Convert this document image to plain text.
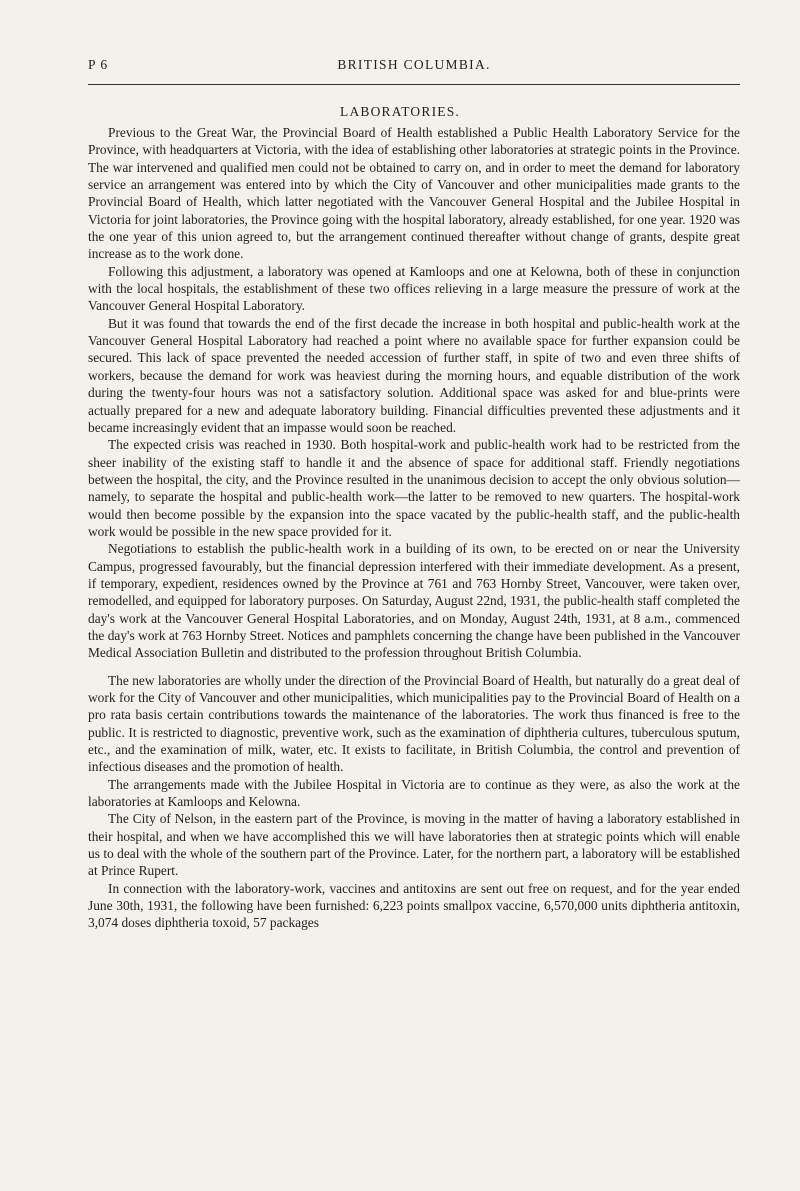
P 6	BRITISH COLUMBIA.
LABORATORIES.

Previous to the Great War, the Provincial Board of Health established a Public Health Laboratory Service for the Province, with headquarters at Victoria, with the idea of establishing other laboratories at strategic points in the Province. The war intervened and qualified men could not be obtained to carry on, and in order to meet the demand for laboratory service an arrangement was entered into by which the City of Vancouver and other municipalities made grants to the Provincial Board of Health, which latter negotiated with the Vancouver General Hospital and the Jubilee Hospital in Victoria for joint laboratories, the Province going with the hospital laboratory, already established, for one year. 1920 was the one year of this union agreed to, but the arrangement continued thereafter without change of grants, despite great increase as to the work done.

Following this adjustment, a laboratory was opened at Kamloops and one at Kelowna, both of these in conjunction with the local hospitals, the establishment of these two offices relieving in a large measure the pressure of work at the Vancouver General Hospital Laboratory.

But it was found that towards the end of the first decade the increase in both hospital and public-health work at the Vancouver General Hospital Laboratory had reached a point where no available space for further expansion could be secured. This lack of space prevented the needed accession of further staff, in spite of two and even three shifts of workers, because the demand for work was heaviest during the morning hours, and equable distribution of the work during the twenty-four hours was not a satisfactory solution. Additional space was asked for and blue-prints were actually prepared for a new and adequate laboratory building. Financial difficulties prevented these adjustments and it became increasingly evident that an impasse would soon be reached.

The expected crisis was reached in 1930. Both hospital-work and public-health work had to be restricted from the sheer inability of the existing staff to handle it and the absence of space for additional staff. Friendly negotiations between the hospital, the city, and the Province resulted in the unanimous decision to accept the only obvious solution—namely, to separate the hospital and public-health work—the latter to be removed to new quarters. The hospital-work would then become possible by the expansion into the space vacated by the public-health staff, and the public-health work would be possible in the new space provided for it.

Negotiations to establish the public-health work in a building of its own, to be erected on or near the University Campus, progressed favourably, but the financial depression interfered with their immediate development. As a present, if temporary, expedient, residences owned by the Province at 761 and 763 Hornby Street, Vancouver, were taken over, remodelled, and equipped for laboratory purposes. On Saturday, August 22nd, 1931, the public-health staff completed the day's work at the Vancouver General Hospital Laboratories, and on Monday, August 24th, 1931, at 8 a.m., commenced the day's work at 763 Hornby Street. Notices and pamphlets concerning the change have been published in the Vancouver Medical Association Bulletin and distributed to the profession throughout British Columbia.

The new laboratories are wholly under the direction of the Provincial Board of Health, but naturally do a great deal of work for the City of Vancouver and other municipalities, which municipalities pay to the Provincial Board of Health on a pro rata basis certain contributions towards the maintenance of the laboratories. The work thus financed is free to the public. It is restricted to diagnostic, preventive work, such as the examination of diphtheria cultures, tuberculous sputum, etc., and the examination of milk, water, etc. It exists to facilitate, in British Columbia, the control and prevention of infectious diseases and the promotion of health.

The arrangements made with the Jubilee Hospital in Victoria are to continue as they were, as also the work at the laboratories at Kamloops and Kelowna.

The City of Nelson, in the eastern part of the Province, is moving in the matter of having a laboratory established in their hospital, and when we have accomplished this we will have laboratories then at strategic points which will enable us to deal with the whole of the southern part of the Province. Later, for the northern part, a laboratory will be established at Prince Rupert.

In connection with the laboratory-work, vaccines and antitoxins are sent out free on request, and for the year ended June 30th, 1931, the following have been furnished: 6,223 points smallpox vaccine, 6,570,000 units diphtheria antitoxin, 3,074 doses diphtheria toxoid, 57 packages
